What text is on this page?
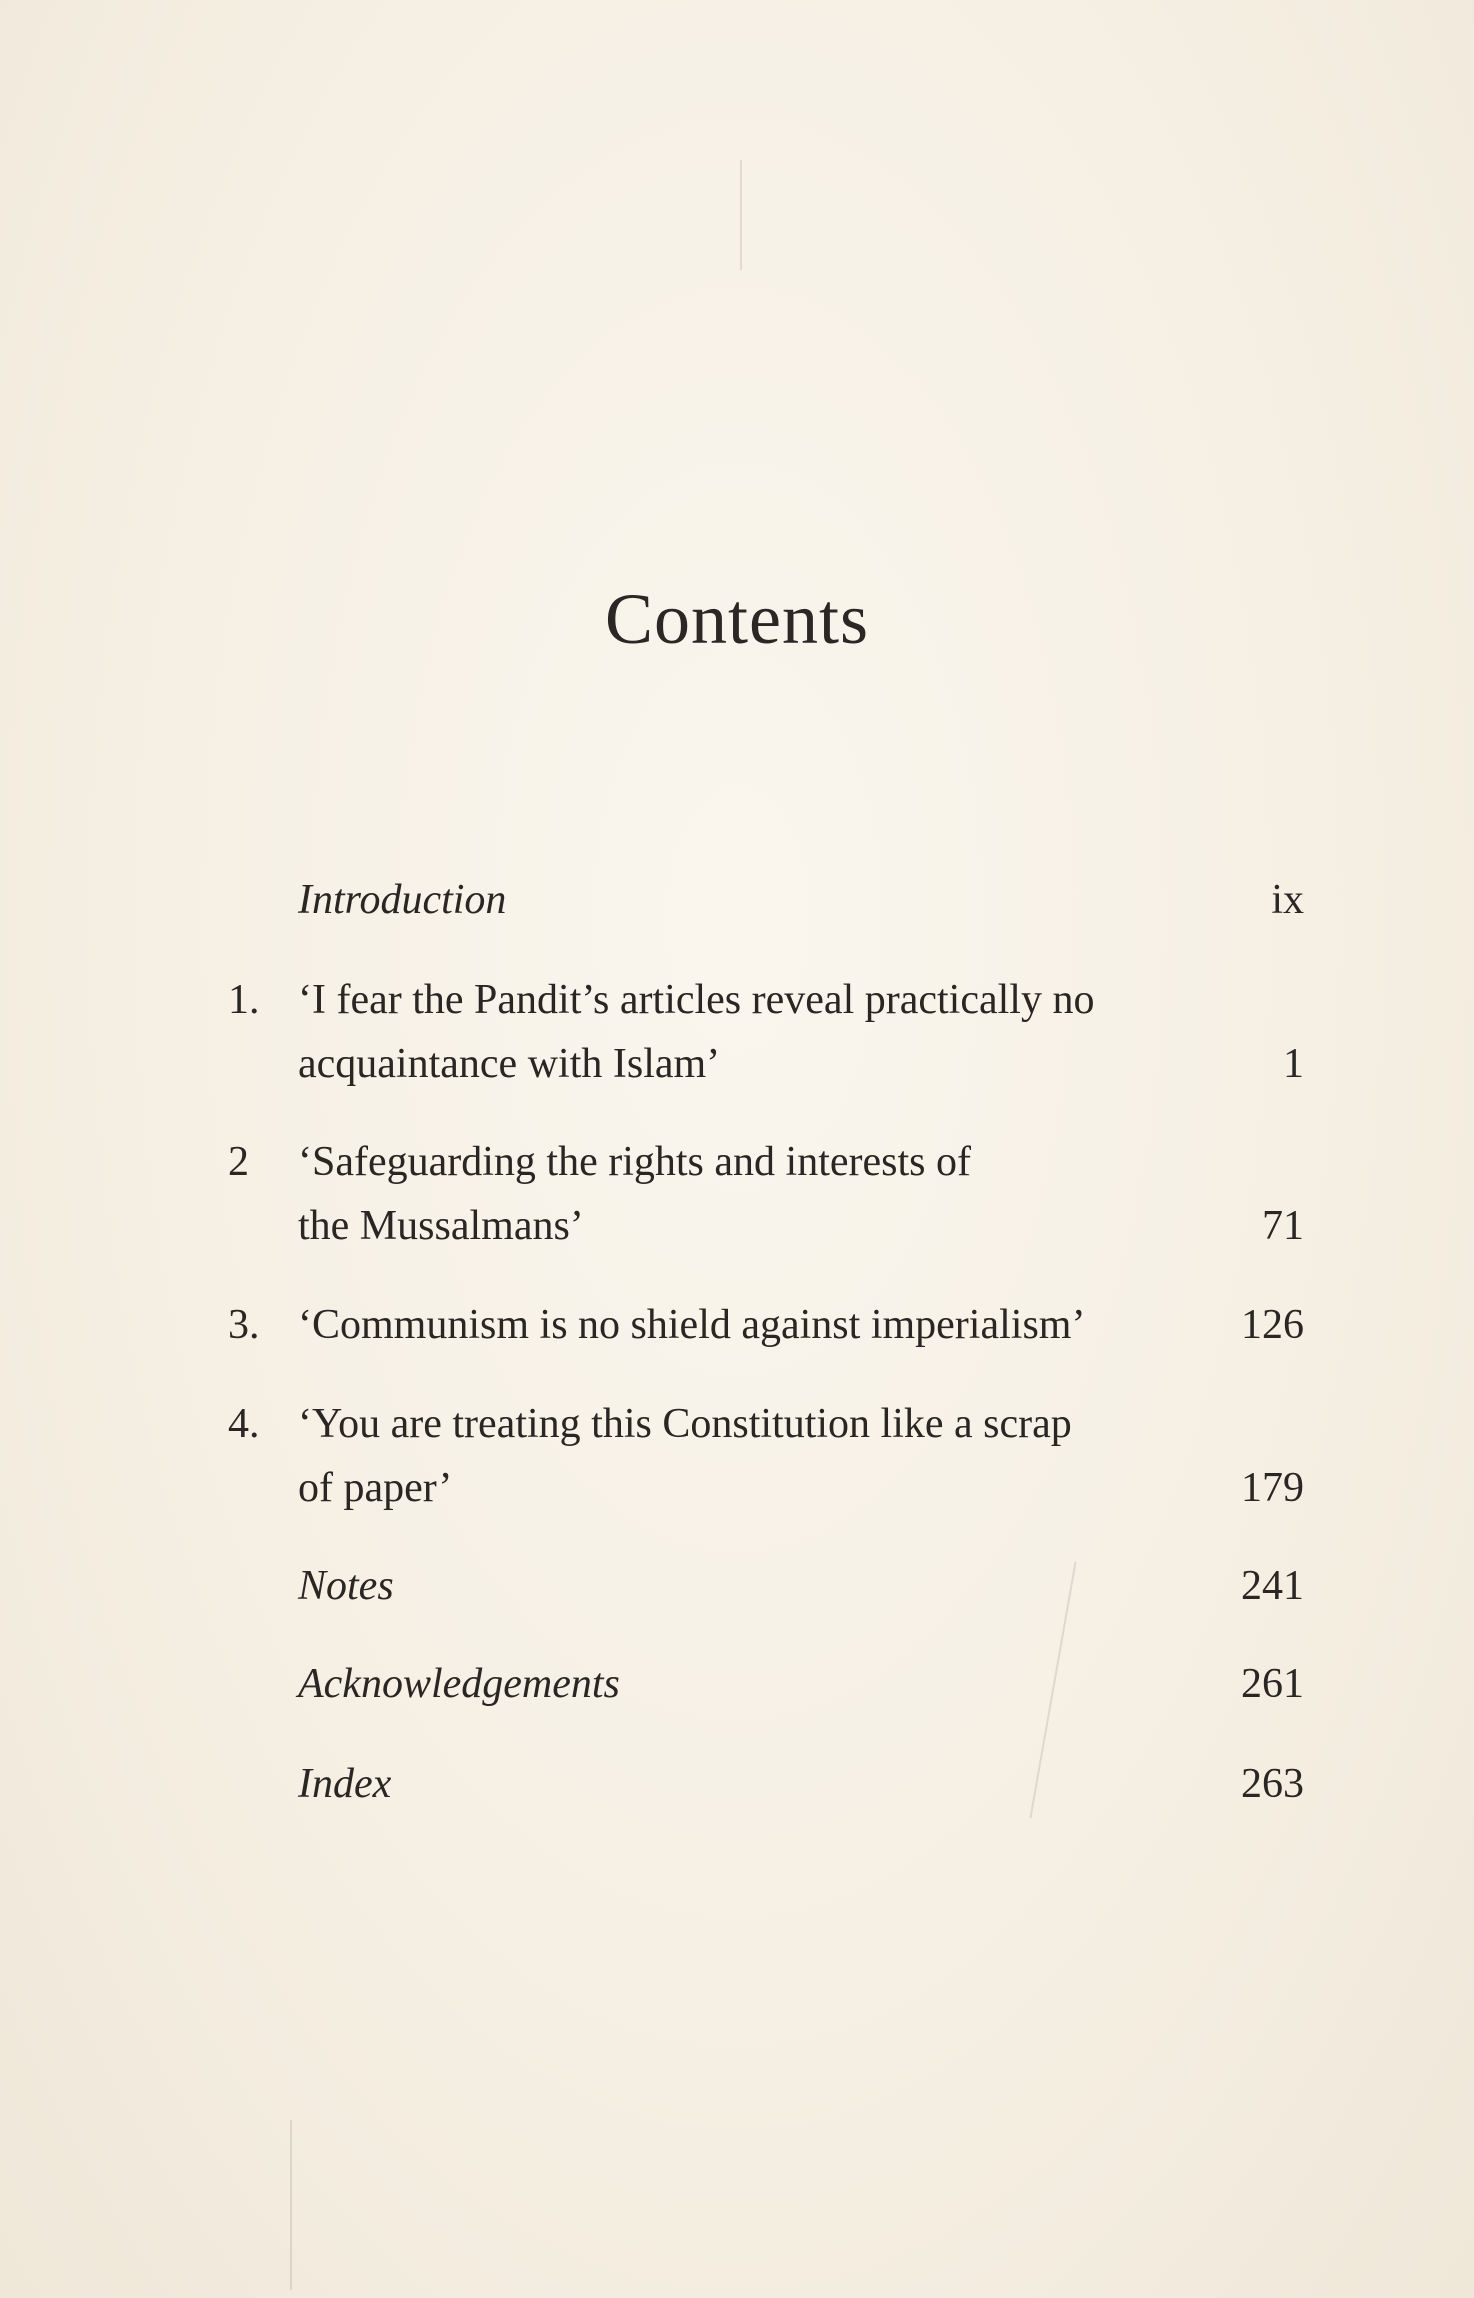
Contents
Introduction	ix
1. ‘I fear the Pandit’s articles reveal practically no
acquaintance with Islam’	1
2 ‘Safeguarding the rights and interests of
the Mussalmans’	71
3. ‘Communism is no shield against imperialism’	126
4. ‘You are treating this Constitution like a scrap
of paper’	179
Notes	241
Acknowledgements	261
Index	263
